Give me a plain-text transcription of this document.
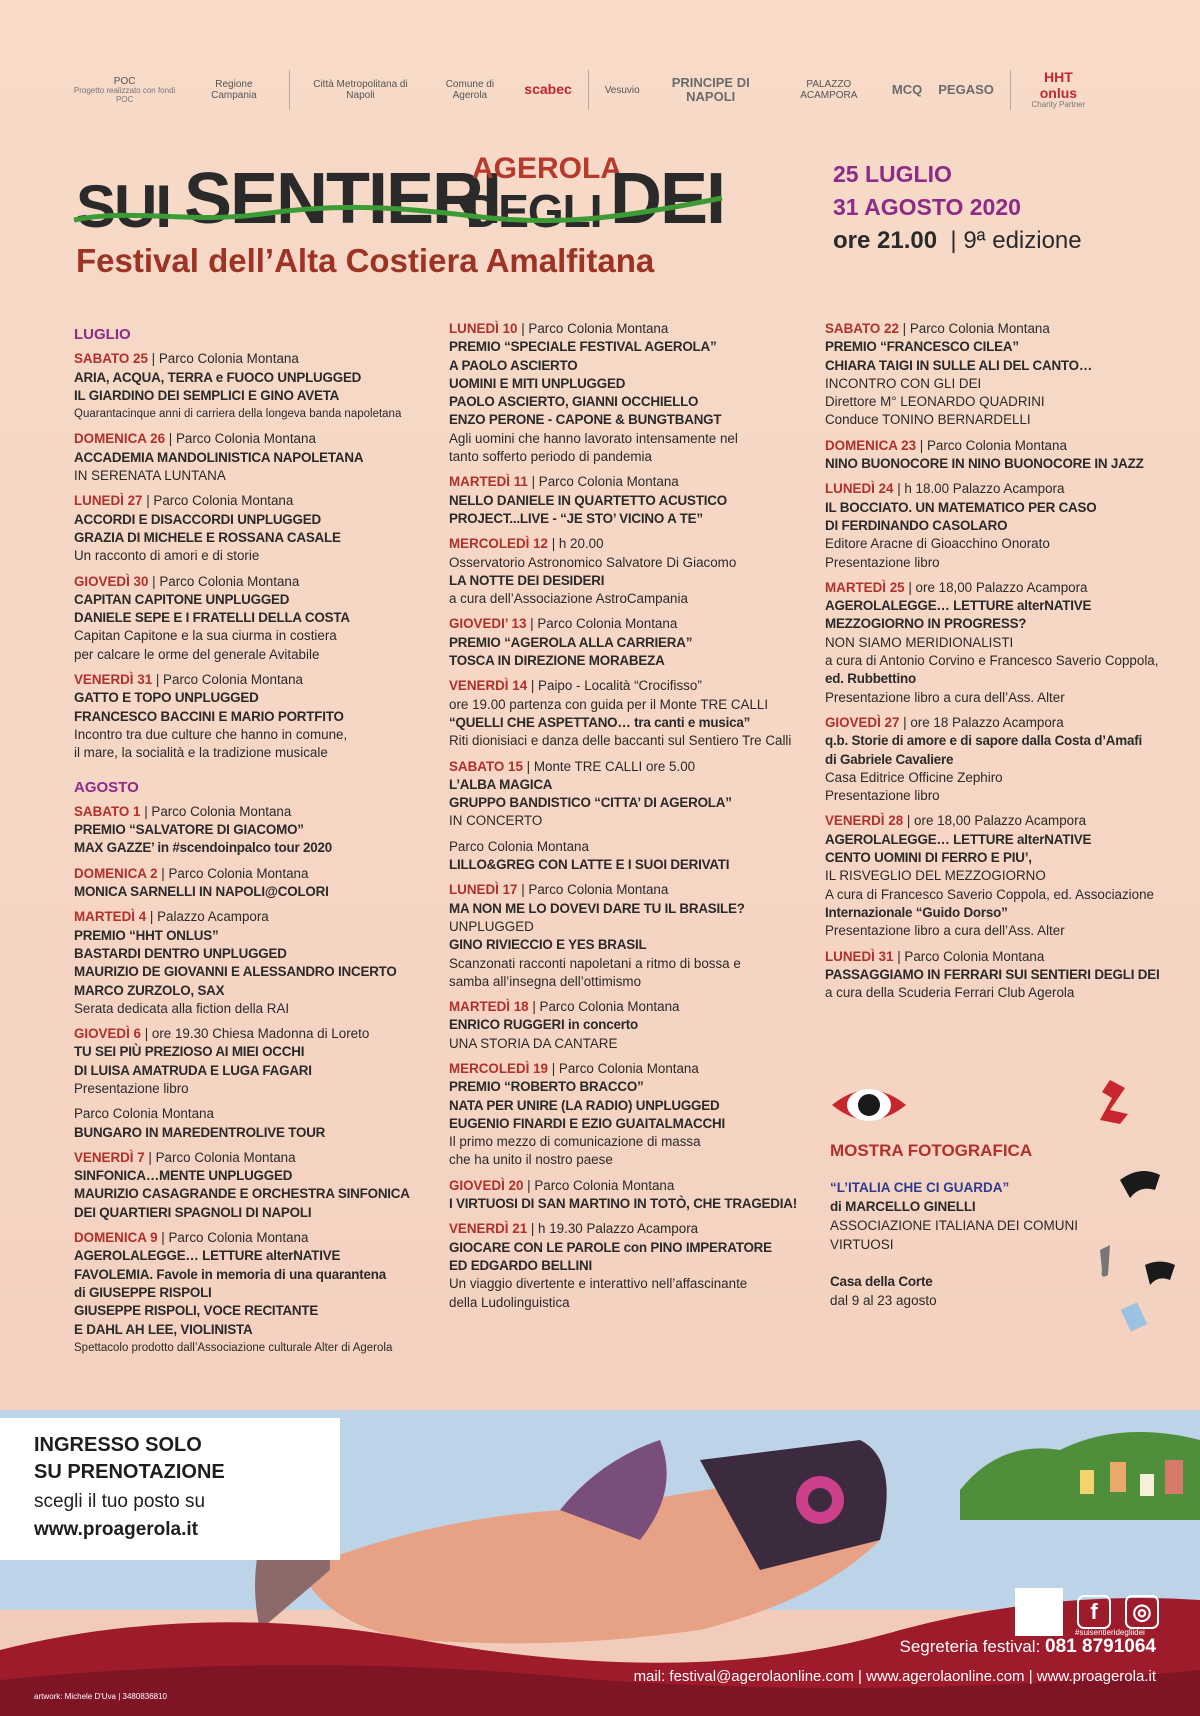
POC
Progetto realizzato con fondi POC
Regione Campania
Città Metropolitana di Napoli
Comune di Agerola	scabec	Vesuvio
PRINCIPE DI NAPOLI
PALAZZO ACAMPORA	MCQ PEGASO
HHT onlus
Charity Partner
SUI SENTIERI
AGEROLA
DEGLI DEI
Festival dell’Alta Costiera Amalfitana
25 LUGLIO
31 AGOSTO 2020
ore 21.00 | 9ª edizione
LUGLIO
SABATO 25 | Parco Colonia Montana
ARIA, ACQUA, TERRA e FUOCO UNPLUGGED
IL GIARDINO DEI SEMPLICI E GINO AVETA
Quarantacinque anni di carriera della longeva banda napoletana
DOMENICA 26 | Parco Colonia Montana
ACCADEMIA MANDOLINISTICA NAPOLETANA
IN SERENATA LUNTANA
LUNEDÌ 27 | Parco Colonia Montana
ACCORDI E DISACCORDI UNPLUGGED
GRAZIA DI MICHELE E ROSSANA CASALE
Un racconto di amori e di storie
GIOVEDÌ 30 | Parco Colonia Montana
CAPITAN CAPITONE UNPLUGGED
DANIELE SEPE E I FRATELLI DELLA COSTA
Capitan Capitone e la sua ciurma in costiera
per calcare le orme del generale Avitabile
VENERDÌ 31 | Parco Colonia Montana
GATTO E TOPO UNPLUGGED
FRANCESCO BACCINI E MARIO PORTFITO
Incontro tra due culture che hanno in comune,
il mare, la socialità e la tradizione musicale
AGOSTO
SABATO 1 | Parco Colonia Montana
PREMIO “SALVATORE DI GIACOMO”
MAX GAZZE’ in #scendoinpalco tour 2020
DOMENICA 2 | Parco Colonia Montana
MONICA SARNELLI IN NAPOLI@COLORI
MARTEDÌ 4 | Palazzo Acampora
PREMIO “HHT ONLUS”
BASTARDI DENTRO UNPLUGGED
MAURIZIO DE GIOVANNI E ALESSANDRO INCERTO
MARCO ZURZOLO, SAX
Serata dedicata alla fiction della RAI
GIOVEDÌ 6 | ore 19.30 Chiesa Madonna di Loreto
TU SEI PIÙ PREZIOSO AI MIEI OCCHI
DI LUISA AMATRUDA E LUGA FAGARI
Presentazione libro
Parco Colonia Montana
BUNGARO IN MAREDENTROLIVE TOUR
VENERDÌ 7 | Parco Colonia Montana
SINFONICA…MENTE UNPLUGGED
MAURIZIO CASAGRANDE E ORCHESTRA SINFONICA
DEI QUARTIERI SPAGNOLI DI NAPOLI
DOMENICA 9 | Parco Colonia Montana
AGEROLALEGGE… LETTURE alterNATIVE
FAVOLEMIA. Favole in memoria di una quarantena
di GIUSEPPE RISPOLI
GIUSEPPE RISPOLI, VOCE RECITANTE
E DAHL AH LEE, VIOLINISTA
Spettacolo prodotto dall’Associazione culturale Alter di Agerola
LUNEDÌ 10 | Parco Colonia Montana
PREMIO “SPECIALE FESTIVAL AGEROLA”
A PAOLO ASCIERTO
UOMINI E MITI UNPLUGGED
PAOLO ASCIERTO, GIANNI OCCHIELLO
ENZO PERONE - CAPONE & BUNGTBANGT
Agli uomini che hanno lavorato intensamente nel
tanto sofferto periodo di pandemia
MARTEDÌ 11 | Parco Colonia Montana
NELLO DANIELE IN QUARTETTO ACUSTICO
PROJECT...LIVE - “JE STO’ VICINO A TE”
MERCOLEDÌ 12 | h 20.00
Osservatorio Astronomico Salvatore Di Giacomo
LA NOTTE DEI DESIDERI
a cura dell’Associazione AstroCampania
GIOVEDI’ 13 | Parco Colonia Montana
PREMIO “AGEROLA ALLA CARRIERA”
TOSCA IN DIREZIONE MORABEZA
VENERDÌ 14 | Paipo - Località “Crocifisso”
ore 19.00 partenza con guida per il Monte TRE CALLI
“QUELLI CHE ASPETTANO… tra canti e musica”
Riti dionisiaci e danza delle baccanti sul Sentiero Tre Calli
SABATO 15 | Monte TRE CALLI ore 5.00
L’ALBA MAGICA
GRUPPO BANDISTICO “CITTA’ DI AGEROLA”
IN CONCERTO
Parco Colonia Montana
LILLO&GREG CON LATTE E I SUOI DERIVATI
LUNEDÌ 17 | Parco Colonia Montana
MA NON ME LO DOVEVI DARE TU IL BRASILE?
UNPLUGGED
GINO RIVIECCIO E YES BRASIL
Scanzonati racconti napoletani a ritmo di bossa e
samba all’insegna dell’ottimismo
MARTEDÌ 18 | Parco Colonia Montana
ENRICO RUGGERI in concerto
UNA STORIA DA CANTARE
MERCOLEDÌ 19 | Parco Colonia Montana
PREMIO “ROBERTO BRACCO”
NATA PER UNIRE (LA RADIO) UNPLUGGED
EUGENIO FINARDI E EZIO GUAITALMACCHI
Il primo mezzo di comunicazione di massa
che ha unito il nostro paese
GIOVEDÌ 20 | Parco Colonia Montana
I VIRTUOSI DI SAN MARTINO IN TOTÒ, CHE TRAGEDIA!
VENERDÌ 21 | h 19.30 Palazzo Acampora
GIOCARE CON LE PAROLE con PINO IMPERATORE
ED EDGARDO BELLINI
Un viaggio divertente e interattivo nell’affascinante
della Ludolinguistica
SABATO 22 | Parco Colonia Montana
PREMIO “FRANCESCO CILEA”
CHIARA TAIGI IN SULLE ALI DEL CANTO…
INCONTRO CON GLI DEI
Direttore M° LEONARDO QUADRINI
Conduce TONINO BERNARDELLI
DOMENICA 23 | Parco Colonia Montana
NINO BUONOCORE IN NINO BUONOCORE IN JAZZ
LUNEDÌ 24 | h 18.00 Palazzo Acampora
IL BOCCIATO. UN MATEMATICO PER CASO
DI FERDINANDO CASOLARO
Editore Aracne di Gioacchino Onorato
Presentazione libro
MARTEDÌ 25 | ore 18,00 Palazzo Acampora
AGEROLALEGGE… LETTURE alterNATIVE
MEZZOGIORNO IN PROGRESS?
NON SIAMO MERIDIONALISTI
a cura di Antonio Corvino e Francesco Saverio Coppola,
ed. Rubbettino
Presentazione libro a cura dell’Ass. Alter
GIOVEDÌ 27 | ore 18 Palazzo Acampora
q.b. Storie di amore e di sapore dalla Costa d’Amafi
di Gabriele Cavaliere
Casa Editrice Officine Zephiro
Presentazione libro
VENERDÌ 28 | ore 18,00 Palazzo Acampora
AGEROLALEGGE… LETTURE alterNATIVE
CENTO UOMINI DI FERRO E PIU’,
IL RISVEGLIO DEL MEZZOGIORNO
A cura di Francesco Saverio Coppola, ed. Associazione
Internazionale “Guido Dorso”
Presentazione libro a cura dell’Ass. Alter
LUNEDÌ 31 | Parco Colonia Montana
PASSAGGIAMO IN FERRARI SUI SENTIERI DEGLI DEI
a cura della Scuderia Ferrari Club Agerola
MOSTRA FOTOGRAFICA
“L’ITALIA CHE CI GUARDA”
di MARCELLO GINELLI
ASSOCIAZIONE ITALIANA DEI COMUNI VIRTUOSI
Casa della Corte
dal 9 al 23 agosto
INGRESSO SOLO
SU PRENOTAZIONE
scegli il tuo posto su
www.proagerola.it
f	◎
#suisentieridegliidei
Segreteria festival: 081 8791064
mail: festival@agerolaonline.com | www.agerolaonline.com | www.proagerola.it
artwork: Michele D'Uva | 3480836810
